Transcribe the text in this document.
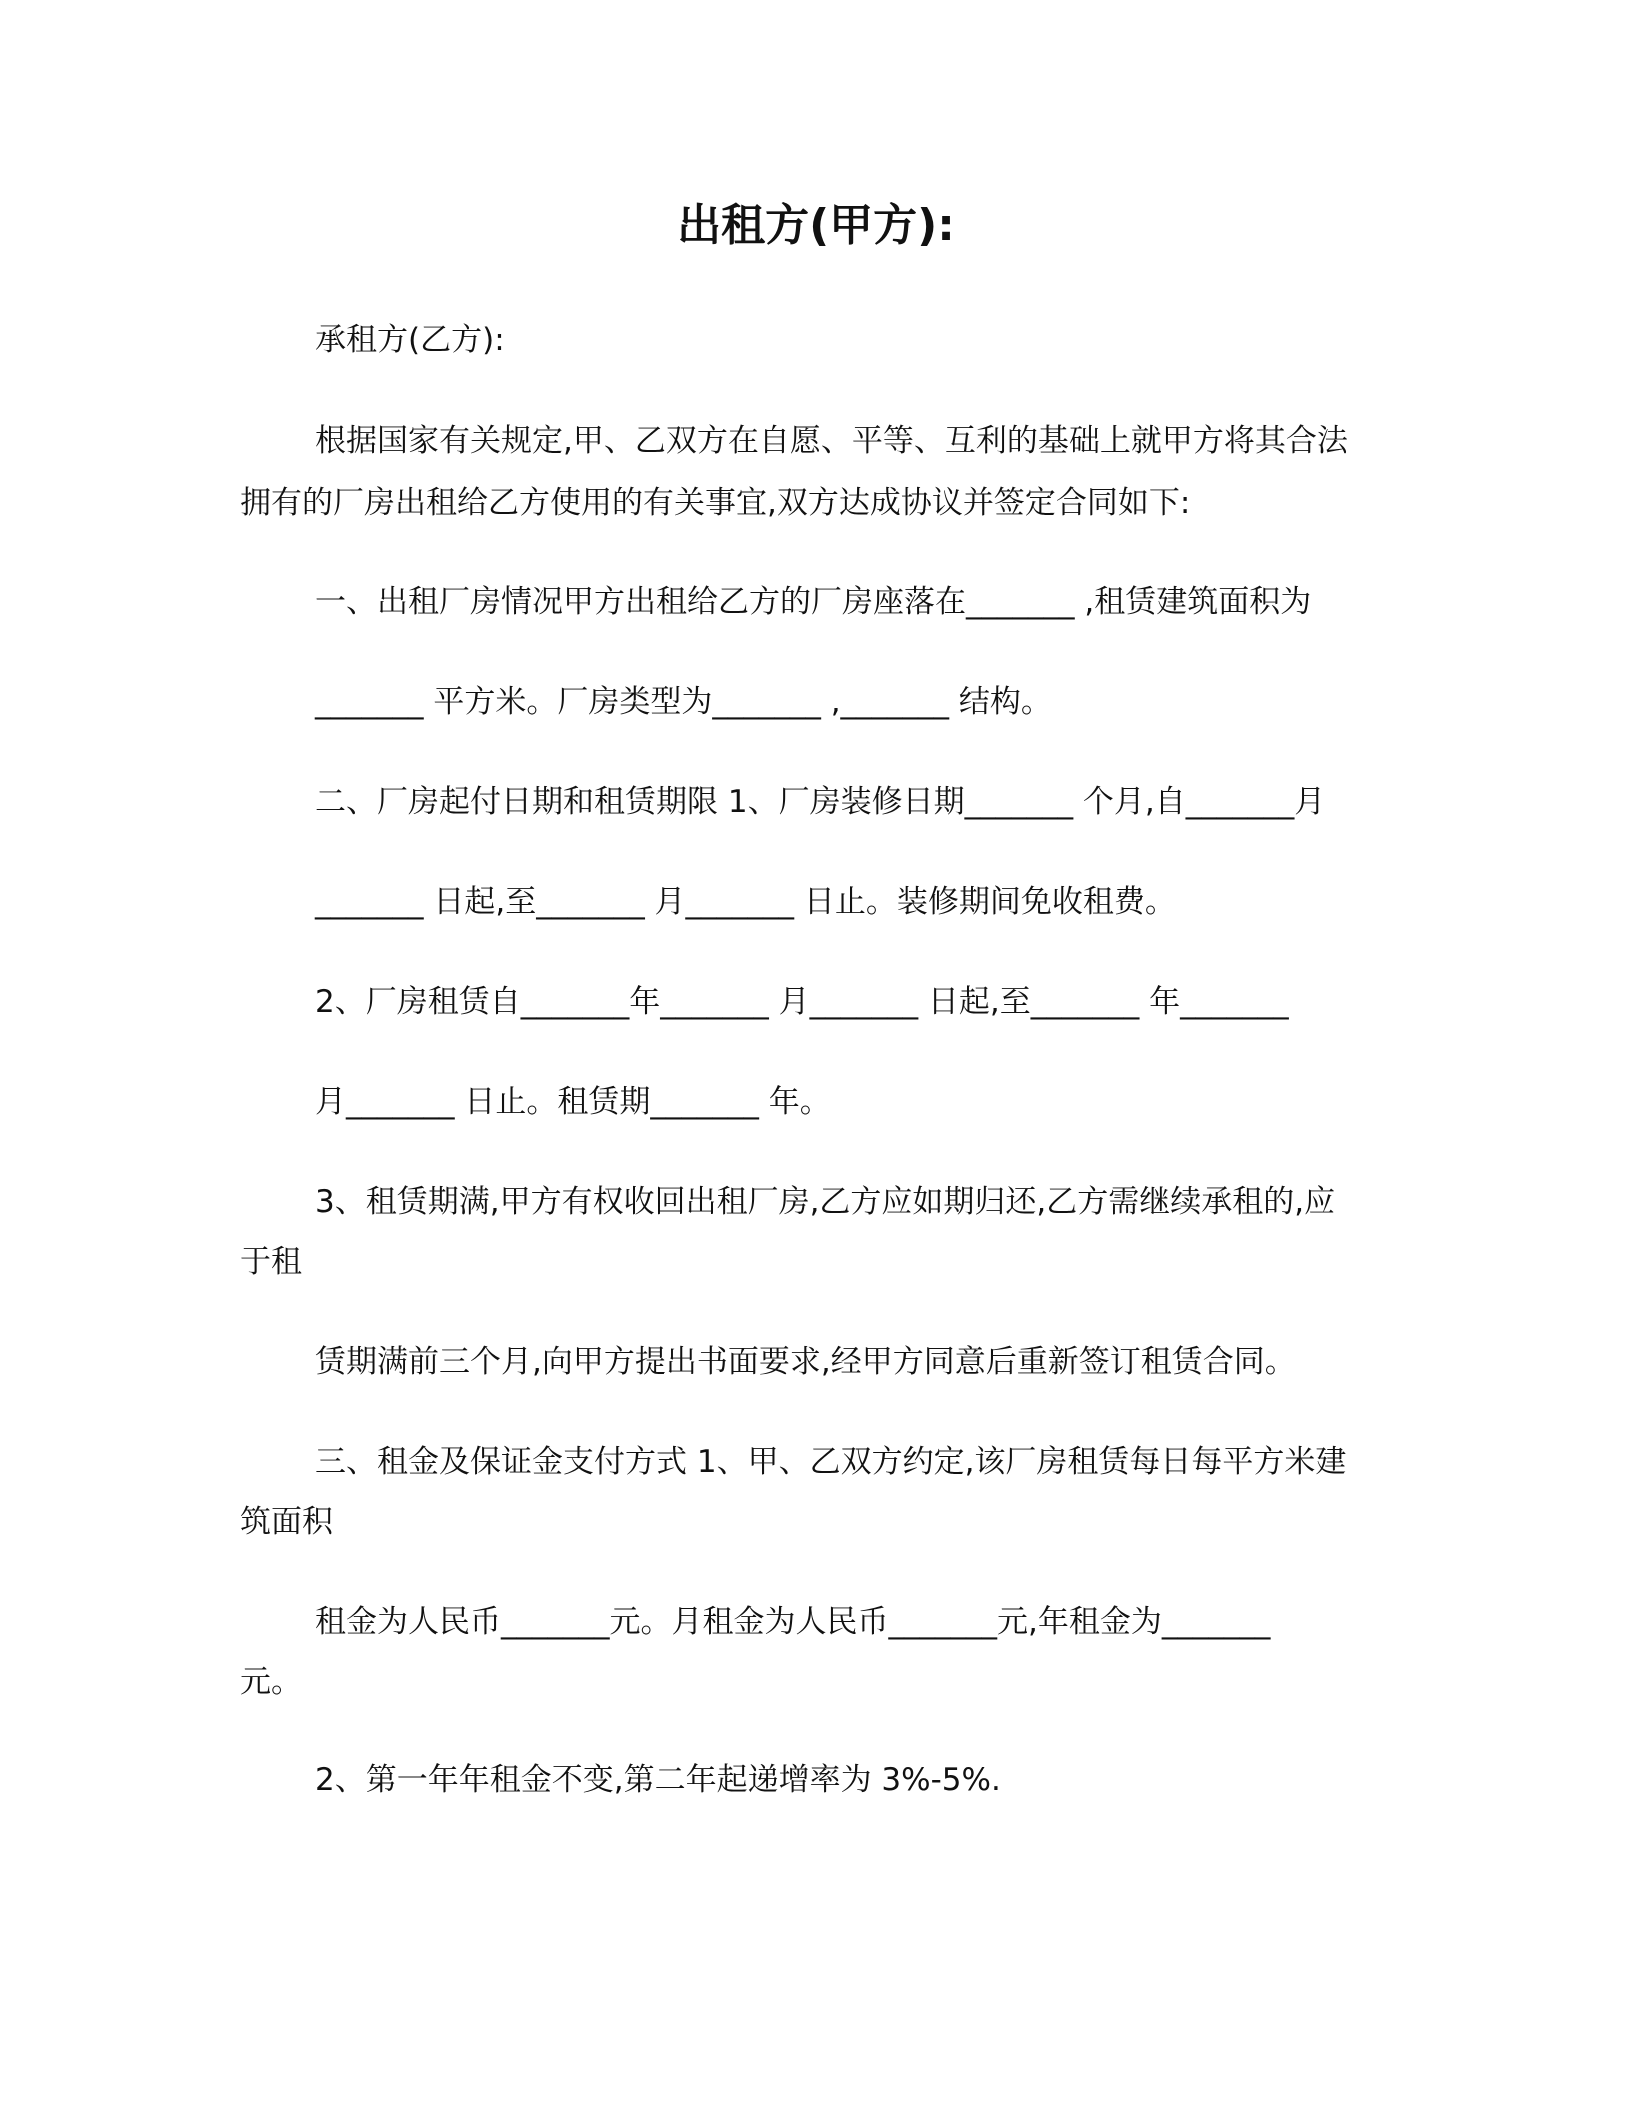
出租方(甲方):
承租方(乙方):
根据国家有关规定,甲、乙双方在自愿、平等、互利的基础上就甲方将其合法
拥有的厂房出租给乙方使用的有关事宜,双方达成协议并签定合同如下:
一、出租厂房情况甲方出租给乙方的厂房座落在_______ ,租赁建筑面积为
_______ 平方米。厂房类型为_______ ,_______ 结构。
二、厂房起付日期和租赁期限 1、厂房装修日期_______ 个月,自_______月
_______ 日起,至_______ 月_______ 日止。装修期间免收租费。
2、厂房租赁自_______年_______ 月_______ 日起,至_______ 年_______
月_______ 日止。租赁期_______ 年。
3、租赁期满,甲方有权收回出租厂房,乙方应如期归还,乙方需继续承租的,应
于租
赁期满前三个月,向甲方提出书面要求,经甲方同意后重新签订租赁合同。
三、租金及保证金支付方式 1、甲、乙双方约定,该厂房租赁每日每平方米建
筑面积
租金为人民币_______元。月租金为人民币_______元,年租金为_______
元。
2、第一年年租金不变,第二年起递增率为 3%-5%.
